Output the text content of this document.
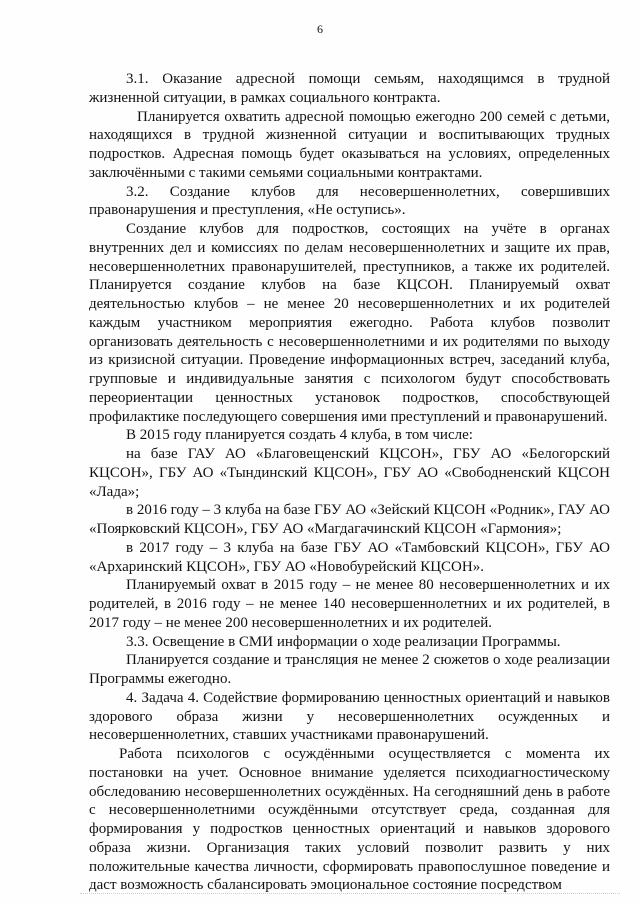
6

3.1. Оказание адресной помощи семьям, находящимся в трудной жизненной ситуации, в рамках социального контракта.

Планируется охватить адресной помощью ежегодно 200 семей с детьми, находящихся в трудной жизненной ситуации и воспитывающих трудных подростков. Адресная помощь будет оказываться на условиях, определенных заключёнными с такими семьями социальными контрактами.

3.2. Создание клубов для несовершеннолетних, совершивших правонарушения и преступления, «Не оступись».

Создание клубов для подростков, состоящих на учёте в органах внутренних дел и комиссиях по делам несовершеннолетних и защите их прав, несовершеннолетних правонарушителей, преступников, а также их родителей. Планируется создание клубов на базе КЦСОН. Планируемый охват деятельностью клубов – не менее 20 несовершеннолетних и их родителей каждым участником мероприятия ежегодно. Работа клубов позволит организовать деятельность с несовершеннолетними и их родителями по выходу из кризисной ситуации. Проведение информационных встреч, заседаний клуба, групповые и индивидуальные занятия с психологом будут способствовать переориентации ценностных установок подростков, способствующей профилактике последующего совершения ими преступлений и правонарушений.

В 2015 году планируется создать 4 клуба, в том числе:

на базе ГАУ АО «Благовещенский КЦСОН», ГБУ АО «Белогорский КЦСОН», ГБУ АО «Тындинский КЦСОН», ГБУ АО «Свободненский КЦСОН «Лада»;

в 2016 году – 3 клуба на базе ГБУ АО «Зейский КЦСОН «Родник», ГАУ АО «Поярковский КЦСОН», ГБУ АО «Магдагачинский КЦСОН «Гармония»;

в 2017 году – 3 клуба на базе ГБУ АО «Тамбовский КЦСОН», ГБУ АО «Архаринский КЦСОН», ГБУ АО «Новобурейский КЦСОН».

Планируемый охват в 2015 году – не менее 80 несовершеннолетних и их родителей, в 2016 году – не менее 140 несовершеннолетних и их родителей, в 2017 году – не менее 200 несовершеннолетних и их родителей.

3.3. Освещение в СМИ информации о ходе реализации Программы.

Планируется создание и трансляция не менее 2 сюжетов о ходе реализации Программы ежегодно.

4. Задача 4. Содействие формированию ценностных ориентаций и навыков здорового образа жизни у несовершеннолетних осужденных и несовершеннолетних, ставших участниками правонарушений.

Работа психологов с осуждёнными осуществляется с момента их постановки на учет. Основное внимание уделяется психодиагностическому обследованию несовершеннолетних осуждённых. На сегодняшний день в работе с несовершеннолетними осуждёнными отсутствует среда, созданная для формирования у подростков ценностных ориентаций и навыков здорового образа жизни. Организация таких условий позволит развить у них положительные качества личности, сформировать правопослушное поведение и даст возможность сбалансировать эмоциональное состояние посредством
